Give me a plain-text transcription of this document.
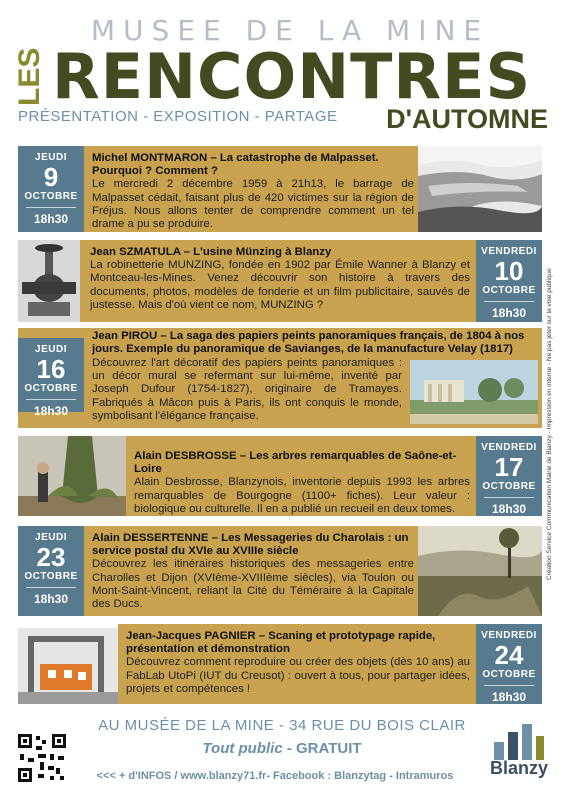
MUSEE DE LA MINE
LES RENCONTRES
PRÉSENTATION - EXPOSITION - PARTAGE D'AUTOMNE
JEUDI
9
OCTOBRE
18h30
Michel MONTMARON – La catastrophe de Malpasset. Pourquoi ? Comment ?
Le mercredi 2 décembre 1959 à 21h13, le barrage de Malpasset cédait, faisant plus de 420 victimes sur la région de Fréjus. Nous allons tenter de comprendre comment un tel drame a pu se produire.
VENDREDI
10
OCTOBRE
18h30
Jean SZMATULA – L'usine Münzing à Blanzy
La robinetterie MUNZING, fondée en 1902 par Émile Wanner à Blanzy et Montceau-les-Mines. Venez découvrir son histoire à travers des documents, photos, modèles de fonderie et un film publicitaire, sauvés de justesse. Mais d'où vient ce nom, MUNZING ?
JEUDI
16
OCTOBRE
18h30
Jean PIROU – La saga des papiers peints panoramiques français, de 1804 à nos jours. Exemple du panoramique de Saviang​es, de la manufacture Velay (1817)
Découvrez l'art décoratif des papiers peints panoramiques : un décor mural se refermant sur lui-même, inventé par Joseph Dufour (1754-1827), originaire de Tramayes. Fabriqués à Mâcon puis à Paris, ils ont conquis le monde, symbolisant l'élégance française.
VENDREDI
17
OCTOBRE
18h30
Alain DESBROSSE – Les arbres remarquables de Saône-et-Loire
Alain Desbrosse, Blanzynois, inventorie depuis 1993 les arbres remarquables de Bourgogne (1100+ fiches). Leur valeur : biologique ou culturelle. Il en a publié un recueil en deux tomes.
JEUDI
23
OCTOBRE
18h30
Alain DESSERTENNE – Les Messageries du Charolais : un service postal du XVIe au XVIIIe siècle
Découvrez les itinéraires historiques des messageries entre Charolles et Dijon (XVIème-XVIIIème siècles), via Toulon ou Mont-Saint-Vincent, reliant la Cité du Téméraire à la Capitale des Ducs.
VENDREDI
24
OCTOBRE
18h30
Jean-Jacques PAGNIER – Scaning et prototypage rapide, présentation et démonstration
Découvrez comment reproduire ou créer des objets (dès 10 ans) au FabLab UtoPi (IUT du Creusot) : ouvert à tous, pour partager idées, projets et compétences !
Création Service Communication Mairie de Blanzy - Impression en interne - Ne pas jeter sur la voie publique
AU MUSÉE DE LA MINE - 34 RUE DU BOIS CLAIR
Tout public - GRATUIT
<<< + d'INFOS / www.blanzy71.fr- Facebook : Blanzytag - Intramuros	Blanzy
